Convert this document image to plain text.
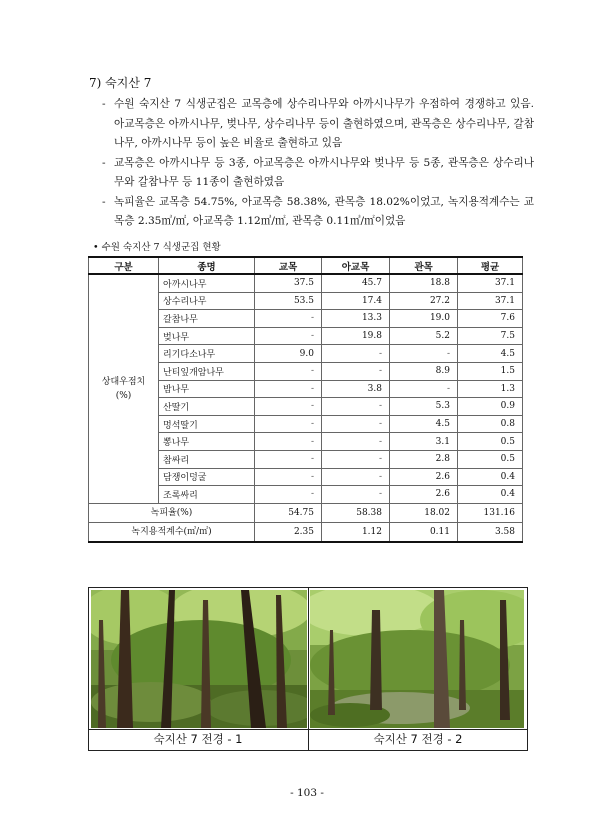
7) 숙지산 7
- 수원 숙지산 7 식생군집은 교목층에 상수리나무와 아까시나무가 우점하여 경쟁하고 있음. 아교목층은 아까시나무, 벚나무, 상수리나무 등이 출현하였으며, 관목층은 상수리나무, 갈참나무, 아까시나무 등이 높은 비율로 출현하고 있음
- 교목층은 아까시나무 등 3종, 아교목층은 아까시나무와 벚나무 등 5종, 관목층은 상수리나무와 갈참나무 등 11종이 출현하였음
- 녹피율은 교목층 54.75%, 아교목층 58.38%, 관목층 18.02%이었고, 녹지용적계수는 교목층 2.35㎥/㎡, 아교목층 1.12㎥/㎡, 관목층 0.11㎥/㎡이었음
• 수원 숙지산 7 식생군집 현황
구분	종명	교목	아교목	관목	평균
상대우점치
(%)	아까시나무	37.5	45.7	18.8	37.1
	상수리나무	53.5	17.4	27.2	37.1
	갈참나무	-	13.3	19.0	7.6
	벚나무	-	19.8	5.2	7.5
	리기다소나무	9.0	-	-	4.5
	난티잎개암나무	-	-	8.9	1.5
	밤나무	-	3.8	-	1.3
	산딸기	-	-	5.3	0.9
	멍석딸기	-	-	4.5	0.8
	뽕나무	-	-	3.1	0.5
	참싸리	-	-	2.8	0.5
	담쟁이덩굴	-	-	2.6	0.4
	조록싸리	-	-	2.6	0.4
녹피율(%)		54.75	58.38	18.02	131.16
녹지용적계수(㎥/㎡)		2.35	1.12	0.11	3.58
숙지산 7 전경 - 1	숙지산 7 전경 - 2
- 103 -
